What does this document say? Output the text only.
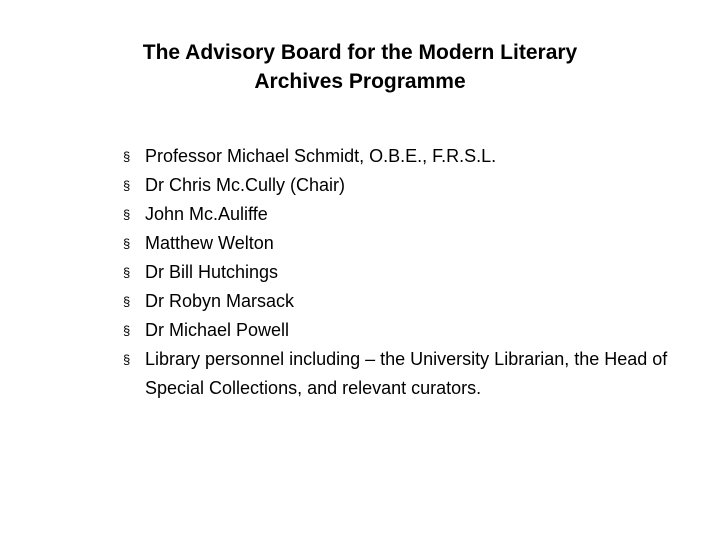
The Advisory Board for the Modern Literary
Archives Programme
§ Professor Michael Schmidt, O.B.E., F.R.S.L.
§ Dr Chris Mc.Cully (Chair)
§ John Mc.Auliffe
§ Matthew Welton
§ Dr Bill Hutchings
§ Dr Robyn Marsack
§ Dr Michael Powell
§ Library personnel including – the University Librarian, the Head of Special Collections, and relevant curators.
